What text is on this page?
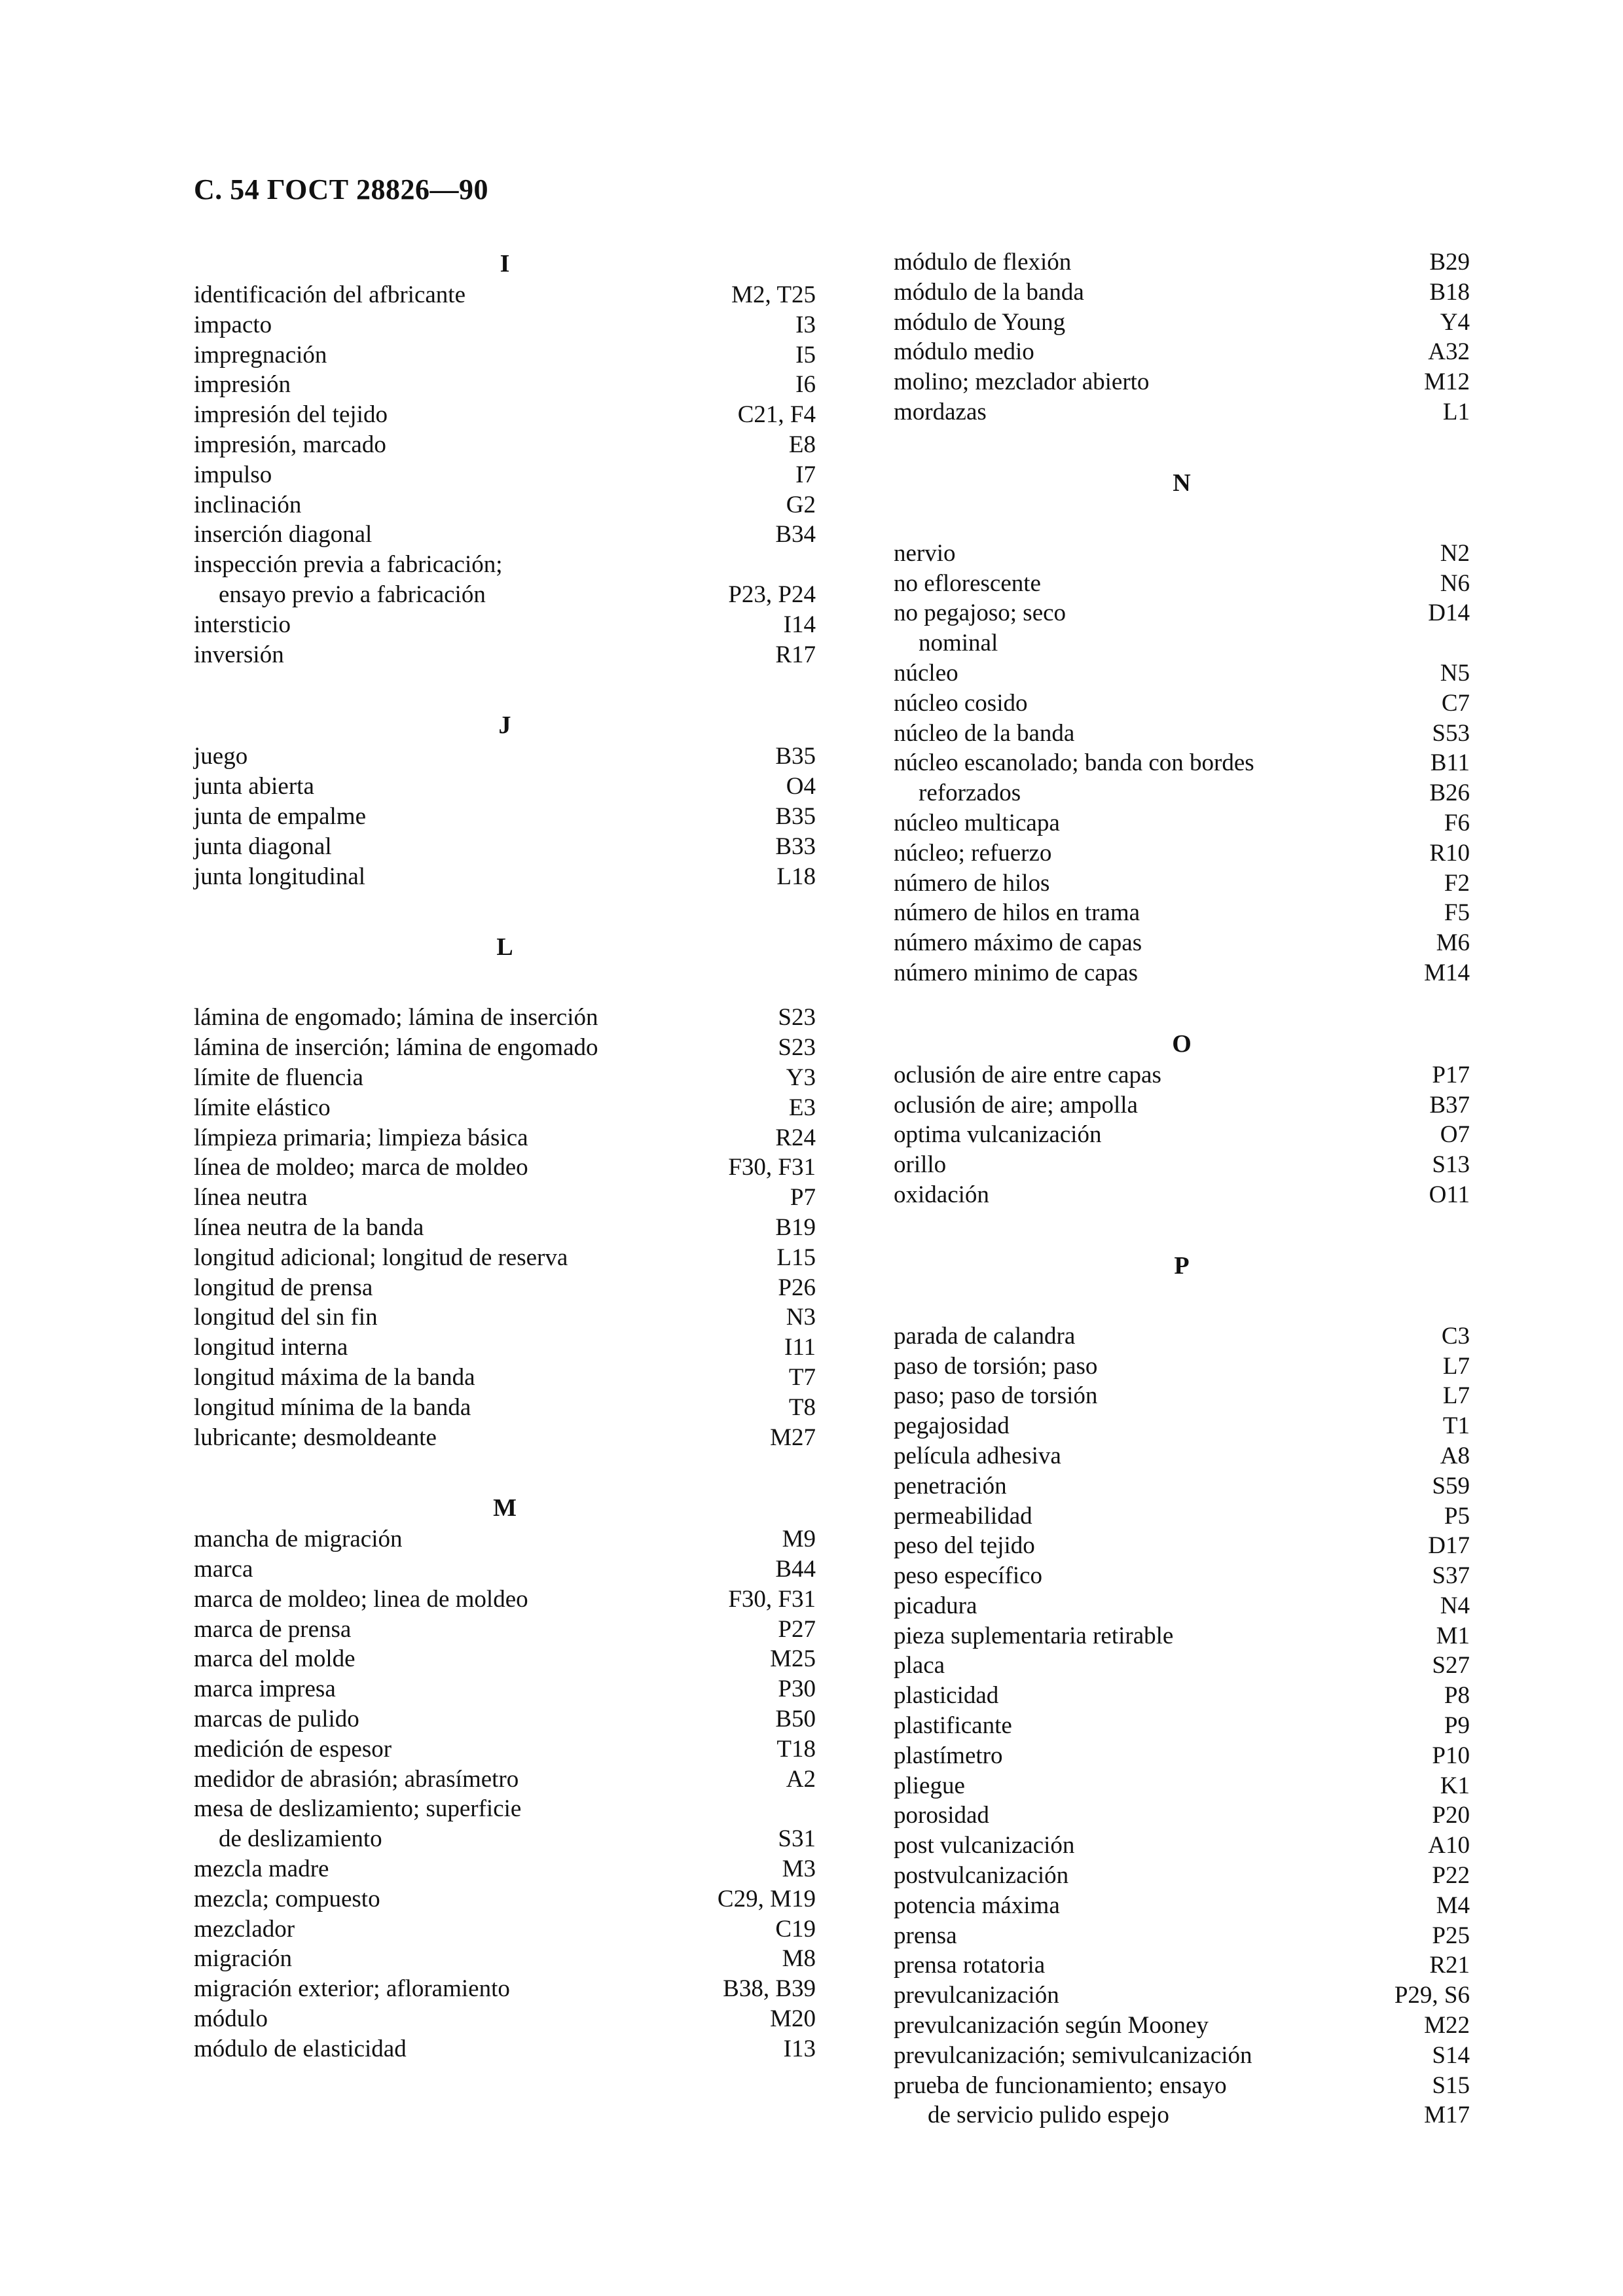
С. 54 ГОСТ 28826—90
I
identificación del afbricante	M2, T25
impacto	I3
impregnación	I5
impresión	I6
impresión del tejido	C21, F4
impresión, marcado	E8
impulso	I7
inclinación	G2
inserción diagonal	B34
inspección previa a fabricación;
ensayo previo a fabricación	P23, P24
intersticio	I14
inversión	R17
J
juego	B35
junta abierta	O4
junta de empalme	B35
junta diagonal	B33
junta longitudinal	L18
L
lámina de engomado; lámina de inserción	S23
lámina de inserción; lámina de engomado	S23
límite de fluencia	Y3
límite elástico	E3
límpieza primaria; limpieza básica	R24
línea de moldeo; marca de moldeo	F30, F31
línea neutra	P7
línea neutra de la banda	B19
longitud adicional; longitud de reserva	L15
longitud de prensa	P26
longitud del sin fin	N3
longitud interna	I11
longitud máxima de la banda	T7
longitud mínima de la banda	T8
lubricante; desmoldeante	M27
M
mancha de migración	M9
marca	B44
marca de moldeo; linea de moldeo	F30, F31
marca de prensa	P27
marca del molde	M25
marca impresa	P30
marcas de pulido	B50
medición de espesor	T18
medidor de abrasión; abrasímetro	A2
mesa de deslizamiento; superficie
de deslizamiento	S31
mezcla madre	M3
mezcla; compuesto	C29, M19
mezclador	C19
migración	M8
migración exterior; afloramiento	B38, B39
módulo	M20
módulo de elasticidad	I13
módulo de flexión	B29
módulo de la banda	B18
módulo de Young	Y4
módulo medio	A32
molino; mezclador abierto	M12
mordazas	L1
N
nervio	N2
no eflorescente	N6
no pegajoso; seco	D14
nominal
núcleo	N5
núcleo cosido	C7
núcleo de la banda	S53
núcleo escanolado; banda con bordes	B11
reforzados	B26
núcleo multicapa	F6
núcleo; refuerzo	R10
número de hilos	F2
número de hilos en trama	F5
número máximo de capas	M6
número minimo de capas	M14
O
oclusión de aire entre capas	P17
oclusión de aire; ampolla	B37
optima vulcanización	O7
orillo	S13
oxidación	O11
P
parada de calandra	C3
paso de torsión; paso	L7
paso; paso de torsión	L7
pegajosidad	T1
película adhesiva	A8
penetración	S59
permeabilidad	P5
peso del tejido	D17
peso específico	S37
picadura	N4
pieza suplementaria retirable	M1
placa	S27
plasticidad	P8
plastificante	P9
plastímetro	P10
pliegue	K1
porosidad	P20
post vulcanización	A10
postvulcanización	P22
potencia máxima	M4
prensa	P25
prensa rotatoria	R21
prevulcanización	P29, S6
prevulcanización según Mooney	M22
prevulcanización; semivulcanización	S14
prueba de funcionamiento; ensayo	S15
de servicio pulido espejo	M17
